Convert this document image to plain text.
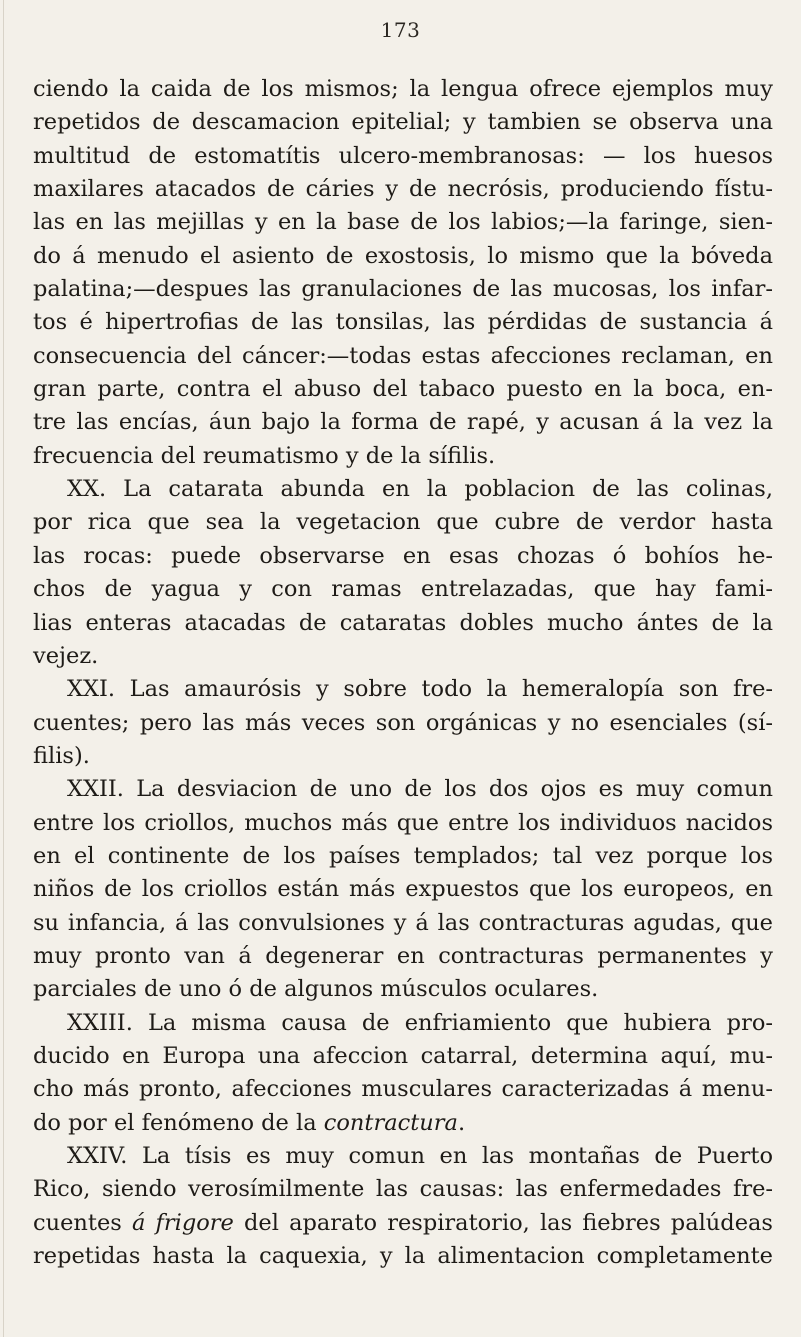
173
ciendo la caida de los mismos; la lengua ofrece ejemplos muy
repetidos de descamacion epitelial; y tambien se observa una
multitud de estomatítis ulcero-membranosas: — los huesos
maxilares atacados de cáries y de necrósis, produciendo fístu-
las en las mejillas y en la base de los labios;—la faringe, sien-
do á menudo el asiento de exostosis, lo mismo que la bóveda
palatina;—despues las granulaciones de las mucosas, los infar-
tos é hipertrofias de las tonsilas, las pérdidas de sustancia á
consecuencia del cáncer:—todas estas afecciones reclaman, en
gran parte, contra el abuso del tabaco puesto en la boca, en-
tre las encías, áun bajo la forma de rapé, y acusan á la vez la
frecuencia del reumatismo y de la sífilis.
XX. La catarata abunda en la poblacion de las colinas,
por rica que sea la vegetacion que cubre de verdor hasta
las rocas: puede observarse en esas chozas ó bohíos he-
chos de yagua y con ramas entrelazadas, que hay fami-
lias enteras atacadas de cataratas dobles mucho ántes de la
vejez.
XXI. Las amaurósis y sobre todo la hemeralopía son fre-
cuentes; pero las más veces son orgánicas y no esenciales (sí-
filis).
XXII. La desviacion de uno de los dos ojos es muy comun
entre los criollos, muchos más que entre los individuos nacidos
en el continente de los países templados; tal vez porque los
niños de los criollos están más expuestos que los europeos, en
su infancia, á las convulsiones y á las contracturas agudas, que
muy pronto van á degenerar en contracturas permanentes y
parciales de uno ó de algunos músculos oculares.
XXIII. La misma causa de enfriamiento que hubiera pro-
ducido en Europa una afeccion catarral, determina aquí, mu-
cho más pronto, afecciones musculares caracterizadas á menu-
do por el fenómeno de la contractura.
XXIV. La tísis es muy comun en las montañas de Puerto
Rico, siendo verosímilmente las causas: las enfermedades fre-
cuentes á frigore del aparato respiratorio, las fiebres palúdeas
repetidas hasta la caquexia, y la alimentacion completamente
